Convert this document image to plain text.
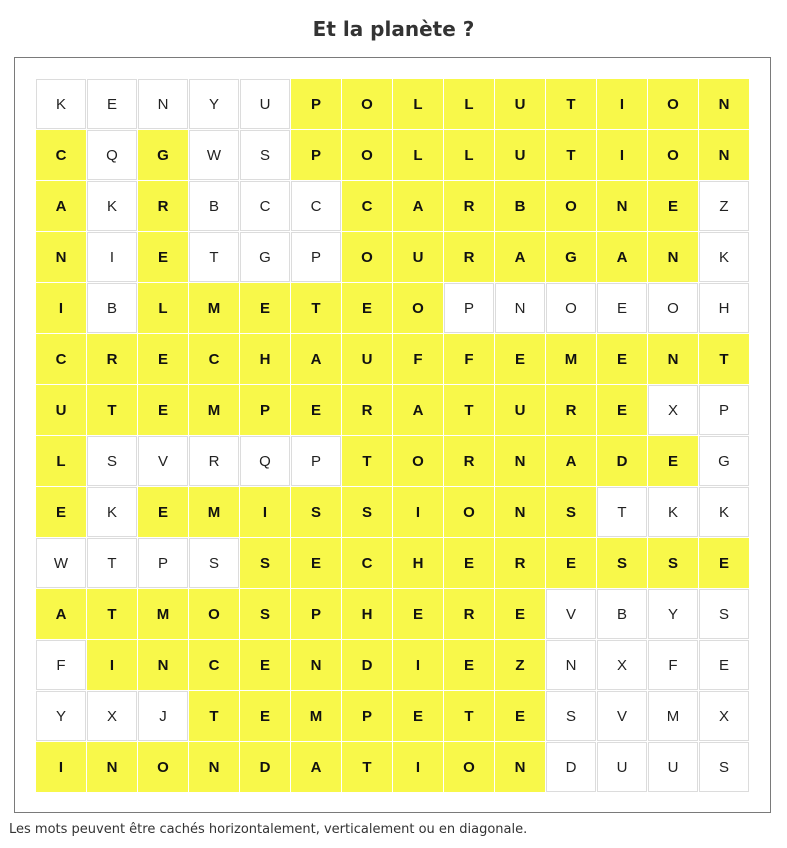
Et la planète ?
K	E	N	Y	U	P	O	L	L	U	T	I	O	N
C	Q	G	W	S	P	O	L	L	U	T	I	O	N
A	K	R	B	C	C	C	A	R	B	O	N	E	Z
N	I	E	T	G	P	O	U	R	A	G	A	N	K
I	B	L	M	E	T	E	O	P	N	O	E	O	H
C	R	E	C	H	A	U	F	F	E	M	E	N	T
U	T	E	M	P	E	R	A	T	U	R	E	X	P
L	S	V	R	Q	P	T	O	R	N	A	D	E	G
E	K	E	M	I	S	S	I	O	N	S	T	K	K
W	T	P	S	S	E	C	H	E	R	E	S	S	E
A	T	M	O	S	P	H	E	R	E	V	B	Y	S
F	I	N	C	E	N	D	I	E	Z	N	X	F	E
Y	X	J	T	E	M	P	E	T	E	S	V	M	X
I	N	O	N	D	A	T	I	O	N	D	U	U	S

Les mots peuvent être cachés horizontalement, verticalement ou en diagonale.
